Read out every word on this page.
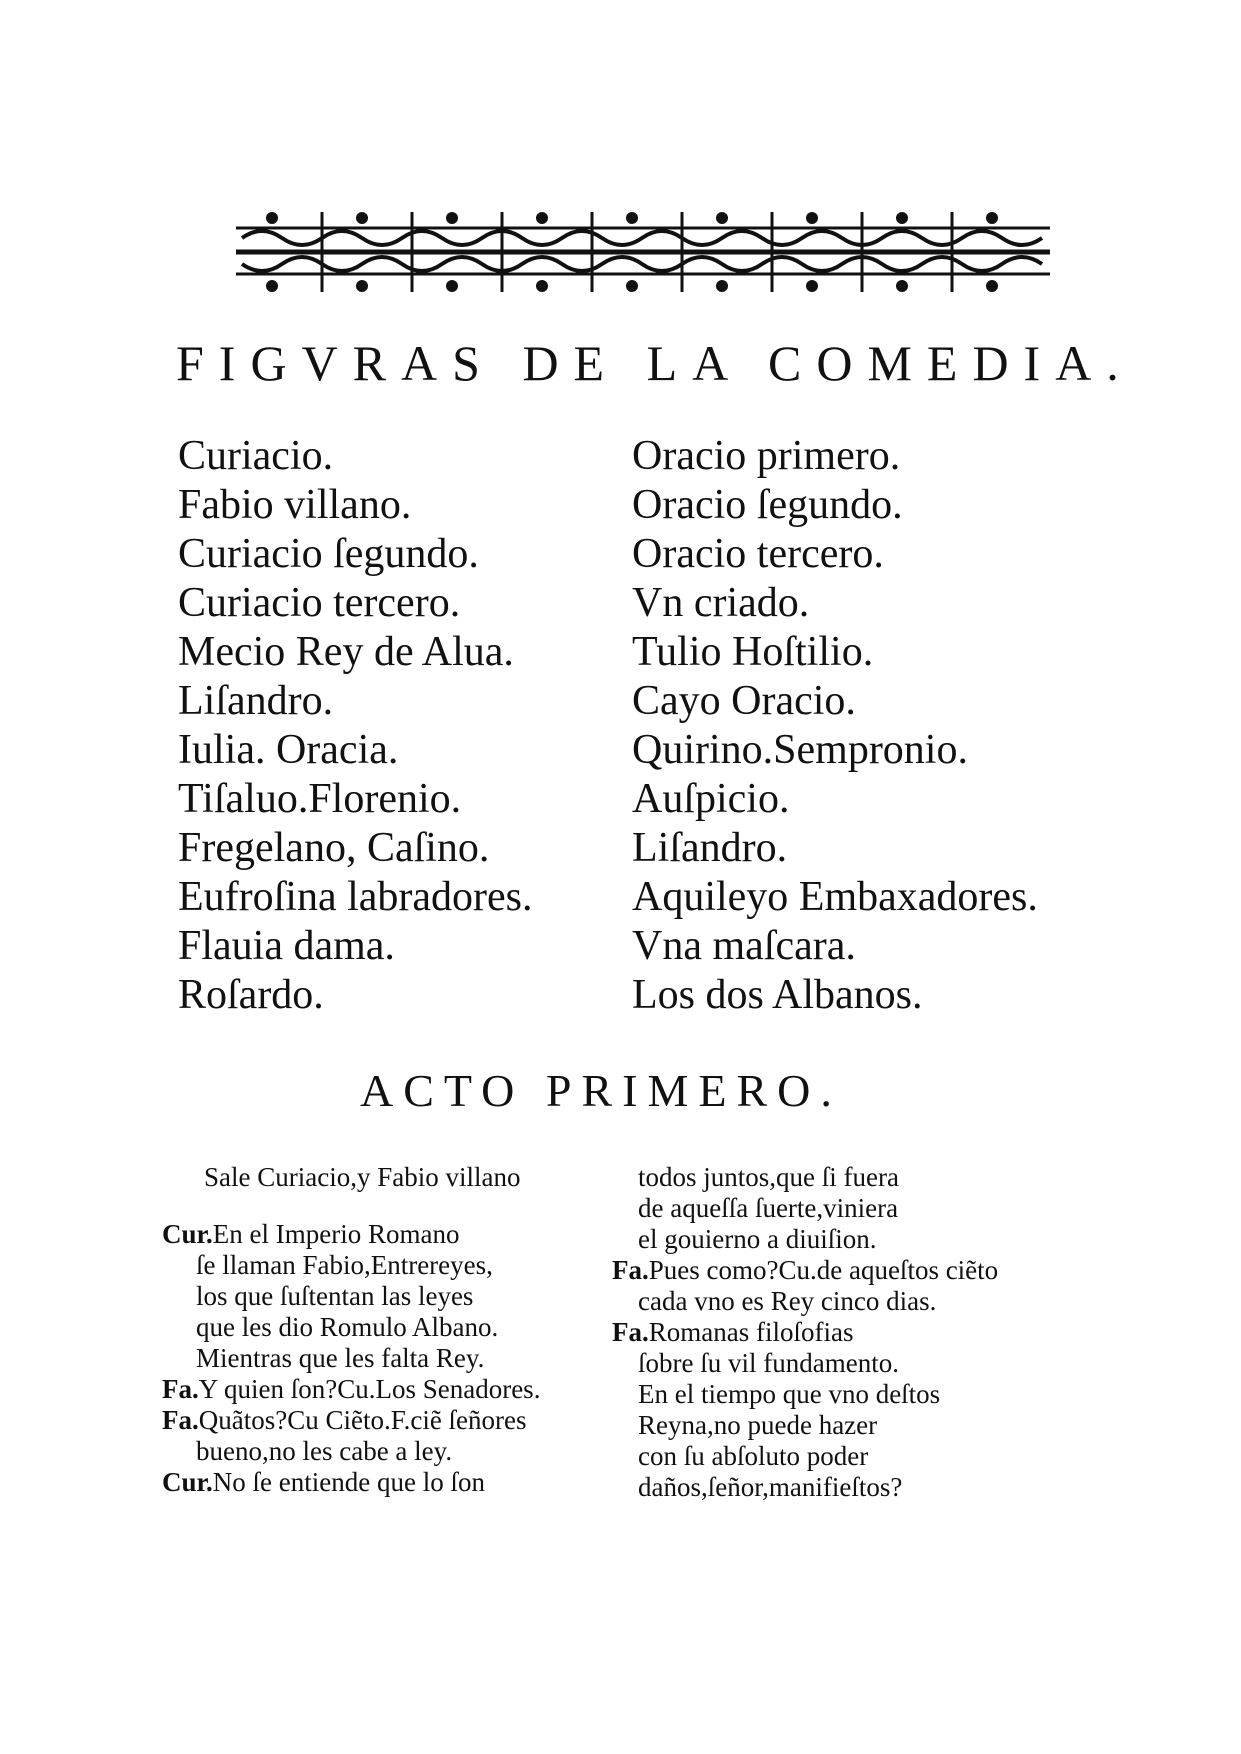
FIGVRAS DE LA COMEDIA.
Curiacio.
Fabio villano.
Curiacio ſegundo.
Curiacio tercero.
Mecio Rey de Alua.
Liſandro.
Iulia. Oracia.
Tiſaluo.Florenio.
Fregelano, Caſino.
Eufroſina labradores.
Flauia dama.
Roſardo.
Oracio primero.
Oracio ſegundo.
Oracio tercero.
Vn criado.
Tulio Hoſtilio.
Cayo Oracio.
Quirino.Sempronio.
Auſpicio.
Liſandro.
Aquileyo Embaxadores.
Vna maſcara.
Los dos Albanos.
ACTO PRIMERO.
Sale Curiacio,y Fabio villano
Cur.En el Imperio Romano
ſe llaman Fabio,Entrereyes,
los que ſuſtentan las leyes
que les dio Romulo Albano.
Mientras que les falta Rey.
Fa.Y quien ſon?Cu.Los Senadores.
Fa.Quãtos?Cu Ciẽto.F.ciẽ ſeñores
bueno,no les cabe a ley.
Cur.No ſe entiende que lo ſon
todos juntos,que ſi fuera
de aqueſſa ſuerte,viniera
el gouierno a diuiſion.
Fa.Pues como?Cu.de aqueſtos ciẽto
cada vno es Rey cinco dias.
Fa.Romanas filoſofias
ſobre ſu vil fundamento.
En el tiempo que vno deſtos
Reyna,no puede hazer
con ſu abſoluto poder
daños,ſeñor,manifieſtos?
